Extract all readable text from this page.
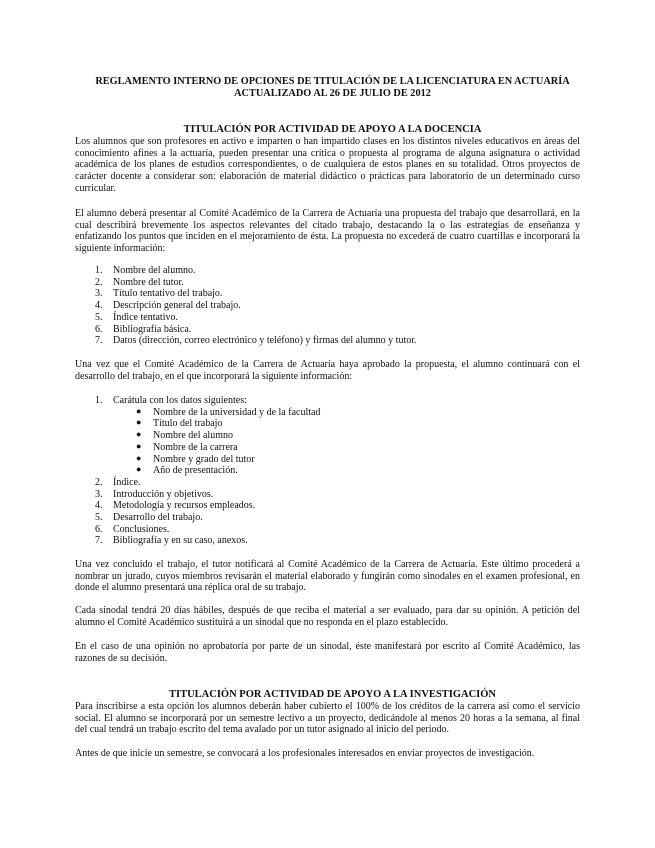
REGLAMENTO INTERNO DE OPCIONES DE TITULACIÓN DE LA LICENCIATURA EN ACTUARÍA
ACTUALIZADO AL 26 DE JULIO DE 2012
TITULACIÓN POR ACTIVIDAD DE APOYO A LA DOCENCIA
Los alumnos que son profesores en activo e imparten o han impartido clases en los distintos niveles educativos en áreas del conocimiento afines a la actuaría, pueden presentar una crítica o propuesta al programa de alguna asignatura o actividad académica de los planes de estudios correspondientes, o de cualquiera de estos planes en su totalidad. Otros proyectos de carácter docente a considerar son: elaboración de material didáctico o prácticas para laboratorio de un determinado curso curricular.
El alumno deberá presentar al Comité Académico de la Carrera de Actuaría una propuesta del trabajo que desarrollará, en la cual describirá brevemente los aspectos relevantes del citado trabajo, destacando la o las estrategias de enseñanza y enfatizando los puntos que inciden en el mejoramiento de ésta. La propuesta no excederá de cuatro cuartillas e incorporará la siguiente información:
1. Nombre del alumno.
2. Nombre del tutor.
3. Título tentativo del trabajo.
4. Descripción general del trabajo.
5. Índice tentativo.
6. Bibliografía básica.
7. Datos (dirección, correo electrónico y teléfono) y firmas del alumno y tutor.
Una vez que el Comité Académico de la Carrera de Actuaría haya aprobado la propuesta, el alumno continuará con el desarrollo del trabajo, en el que incorporará la siguiente información:
1. Carátula con los datos siguientes:
● Nombre de la universidad y de la facultad
● Título del trabajo
● Nombre del alumno
● Nombre de la carrera
● Nombre y grado del tutor
● Año de presentación.
2. Índice.
3. Introducción y objetivos.
4. Metodología y recursos empleados.
5. Desarrollo del trabajo.
6. Conclusiones.
7. Bibliografía y en su caso, anexos.
Una vez concluido el trabajo, el tutor notificará al Comité Académico de la Carrera de Actuaría. Este último procederá a nombrar un jurado, cuyos miembros revisarán el material elaborado y fungirán como sinodales en el examen profesional, en donde el alumno presentará una réplica oral de su trabajo.
Cada sinodal tendrá 20 días hábiles, después de que reciba el material a ser evaluado, para dar su opinión. A petición del alumno el Comité Académico sustituirá a un sinodal que no responda en el plazo establecido.
En el caso de una opinión no aprobatoria por parte de un sinodal, éste manifestará por escrito al Comité Académico, las razones de su decisión.
TITULACIÓN POR ACTIVIDAD DE APOYO A LA INVESTIGACIÓN
Para inscribirse a esta opción los alumnos deberán haber cubierto el 100% de los créditos de la carrera así como el servicio social. El alumno se incorporará por un semestre lectivo a un proyecto, dedicándole al menos 20 horas a la semana, al final del cual tendrá un trabajo escrito del tema avalado por un tutor asignado al inicio del periodo.
Antes de que inicie un semestre, se convocará a los profesionales interesados en enviar proyectos de investigación.
